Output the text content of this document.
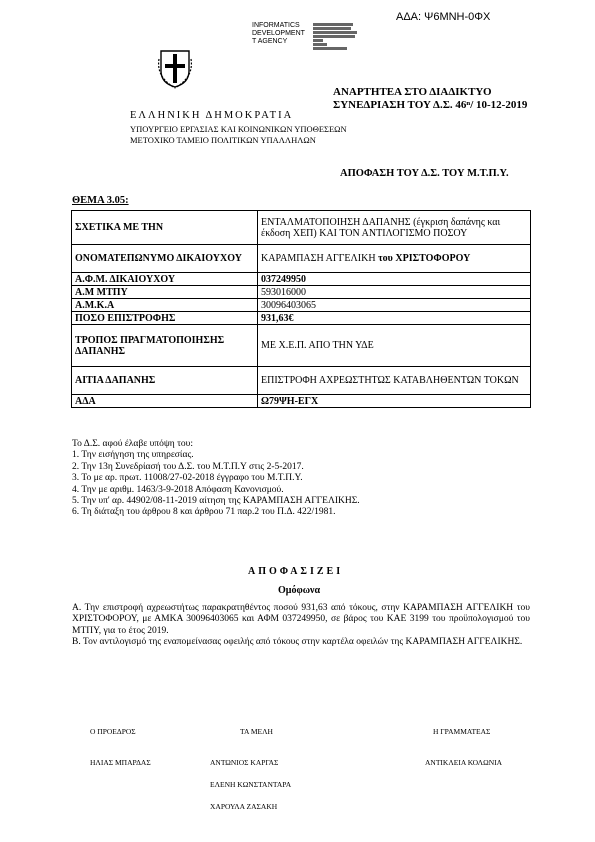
ΑΔΑ: Ψ6ΜΝΗ-0ΦΧ
INFORMATICS
DEVELOPMENT
T AGENCY
ΑΝΑΡΤΗΤΕΑ ΣΤΟ ΔΙΑΔΙΚΤΥΟ
ΣΥΝΕΔΡΙΑΣΗ ΤΟΥ Δ.Σ. 46ⁿ/ 10-12-2019
ΕΛΛΗΝΙΚΗ ΔΗΜΟΚΡΑΤΙΑ
ΥΠΟΥΡΓΕΙΟ ΕΡΓΑΣΙΑΣ ΚΑΙ ΚΟΙΝΩΝΙΚΩΝ ΥΠΟΘΕΣΕΩΝ
ΜΕΤΟΧΙΚΟ ΤΑΜΕΙΟ ΠΟΛΙΤΙΚΩΝ ΥΠΑΛΛΗΛΩΝ
ΑΠΟΦΑΣΗ ΤΟΥ Δ.Σ. ΤΟΥ Μ.Τ.Π.Υ.
ΘΕΜΑ 3.05:
ΣΧΕΤΙΚΑ ΜΕ ΤΗΝ	ΕΝΤΑΛΜΑΤΟΠΟΙΗΣΗ ΔΑΠΑΝΗΣ (έγκριση δαπάνης και έκδοση ΧΕΠ) ΚΑΙ ΤΟΝ ΑΝΤΙΛΟΓΙΣΜΟ ΠΟΣΟΥ
ΟΝΟΜΑΤΕΠΩΝΥΜΟ ΔΙΚΑΙΟΥΧΟΥ	ΚΑΡΑΜΠΑΣΗ ΑΓΓΕΛΙΚΗ του ΧΡΙΣΤΟΦΟΡΟΥ
Α.Φ.Μ. ΔΙΚΑΙΟΥΧΟΥ	037249950
Α.Μ ΜΤΠΥ	593016000
Α.Μ.Κ.Α	30096403065
ΠΟΣΟ ΕΠΙΣΤΡΟΦΗΣ	931,63€
ΤΡΟΠΟΣ ΠΡΑΓΜΑΤΟΠΟΙΗΣΗΣ ΔΑΠΑΝΗΣ	ΜΕ Χ.Ε.Π. ΑΠΟ ΤΗΝ ΥΔΕ
ΑΙΤΙΑ ΔΑΠΑΝΗΣ	ΕΠΙΣΤΡΟΦΗ ΑΧΡΕΩΣΤΗΤΩΣ ΚΑΤΑΒΛΗΘΕΝΤΩΝ ΤΟΚΩΝ
ΑΔΑ	Ω79ΨΗ-ΕΓΧ
Το Δ.Σ. αφού έλαβε υπόψη του:
1. Την εισήγηση της υπηρεσίας.
2. Την 13η Συνεδρίασή του Δ.Σ. του Μ.Τ.Π.Υ στις 2-5-2017.
3. Το με αρ. πρωτ. 11008/27-02-2018 έγγραφο του Μ.Τ.Π.Υ.
4. Την με αριθμ. 1463/3-9-2018 Απόφαση Κανονισμού.
5. Την υπ' αρ. 44902/08-11-2019 αίτηση της ΚΑΡΑΜΠΑΣΗ ΑΓΓΕΛΙΚΗΣ.
6. Τη διάταξη του άρθρου 8 και άρθρου 71 παρ.2 του Π.Δ. 422/1981.
ΑΠΟΦΑΣΙΖΕΙ
Ομόφωνα
Α. Την επιστροφή αχρεωστήτως παρακρατηθέντος ποσού 931,63 από τόκους, στην ΚΑΡΑΜΠΑΣΗ ΑΓΓΕΛΙΚΗ του ΧΡΙΣΤΟΦΟΡΟΥ, με ΑΜΚΑ 30096403065 και ΑΦΜ 037249950, σε βάρος του ΚΑΕ 3199 του προϋπολογισμού του ΜΤΠΥ, για το έτος 2019.
Β. Τον αντιλογισμό της εναπομείνασας οφειλής από τόκους στην καρτέλα οφειλών της ΚΑΡΑΜΠΑΣΗ ΑΓΓΕΛΙΚΗΣ.
Ο ΠΡΟΕΔΡΟΣ	ΤΑ ΜΕΛΗ	Η ΓΡΑΜΜΑΤΕΑΣ
ΗΛΙΑΣ ΜΠΑΡΔΑΣ	ΑΝΤΩΝΙΟΣ ΚΑΡΓΑΣ	ΑΝΤΙΚΛΕΙΑ ΚΟΛΩΝΙΑ
ΕΛΕΝΗ ΚΩΝΣΤΑΝΤΑΡΑ
ΧΑΡΟΥΛΑ ΖΑΣΑΚΗ
